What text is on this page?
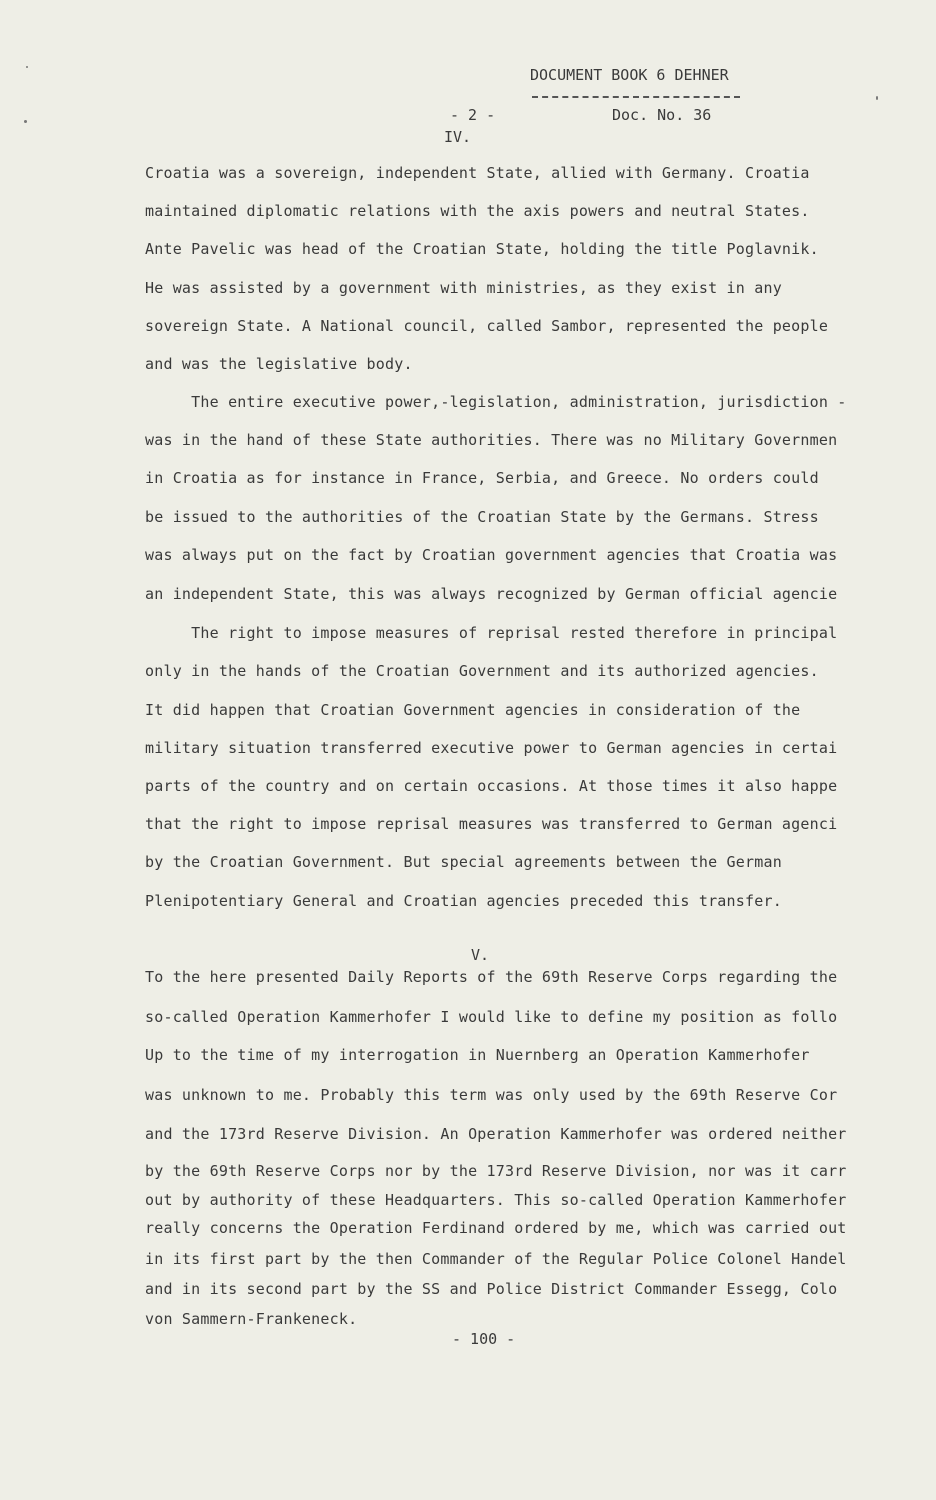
DOCUMENT BOOK 6 DEHNER
- 2 -	Doc. No. 36
IV.
Croatia was a sovereign, independent State, allied with Germany. Croatia
maintained diplomatic relations with the axis powers and neutral States.
Ante Pavelic was head of the Croatian State, holding the title Poglavnik.
He was assisted by a government with ministries, as they exist in any
sovereign State. A National council, called Sambor, represented the people
and was the legislative body.
The entire executive power,-legislation, administration, jurisdiction -
was in the hand of these State authorities. There was no Military Governmen
in Croatia as for instance in France, Serbia, and Greece. No orders could
be issued to the authorities of the Croatian State by the Germans. Stress
was always put on the fact by Croatian government agencies that Croatia was
an independent State, this was always recognized by German official agencie
The right to impose measures of reprisal rested therefore in principal
only in the hands of the Croatian Government and its authorized agencies.
It did happen that Croatian Government agencies in consideration of the
military situation transferred executive power to German agencies in certai
parts of the country and on certain occasions. At those times it also happe
that the right to impose reprisal measures was transferred to German agenci
by the Croatian Government. But special agreements between the German
Plenipotentiary General and Croatian agencies preceded this transfer.
V.
To the here presented Daily Reports of the 69th Reserve Corps regarding the
so-called Operation Kammerhofer I would like to define my position as follo
Up to the time of my interrogation in Nuernberg an Operation Kammerhofer
was unknown to me. Probably this term was only used by the 69th Reserve Cor
and the 173rd Reserve Division. An Operation Kammerhofer was ordered neither
by the 69th Reserve Corps nor by the 173rd Reserve Division, nor was it carr
out by authority of these Headquarters. This so-called Operation Kammerhofer
really concerns the Operation Ferdinand ordered by me, which was carried out
in its first part by the then Commander of the Regular Police Colonel Handel
and in its second part by the SS and Police District Commander Essegg, Colo
von Sammern-Frankeneck.
- 100 -
